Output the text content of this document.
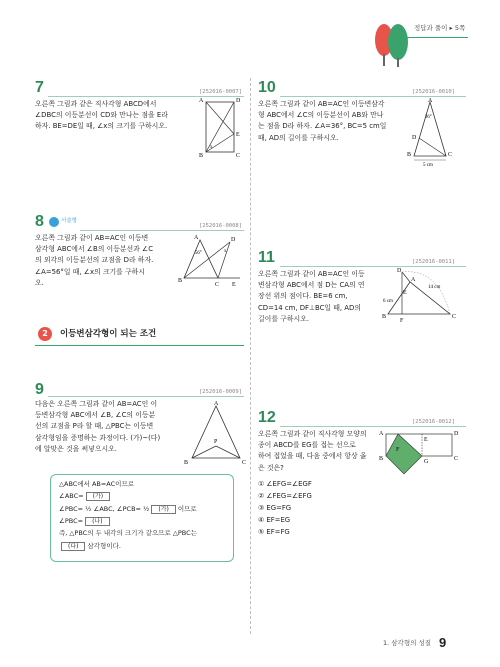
정답과 풀이 ▸ 5쪽
7	[252016-0007]
오른쪽 그림과 같은 직사각형 ABCD에서
∠DBC의 이등분선이 CD와 만나는 점을 E라
하자. BE=DE일 때, ∠x의 크기를 구하시오.
A	D
B	C
E
x
8	서술형
[252016-0008]
오른쪽 그림과 같이 AB=AC인 이등변
삼각형 ABC에서 ∠B의 이등분선과 ∠C
의 외각의 이등분선의 교점을 D라 하자.
∠A=56°일 때, ∠x의 크기를 구하시
오.
A	D
B
C E
56°	x
2	이등변삼각형이 되는 조건
9	[252016-0009]
다음은 오른쪽 그림과 같이 AB=AC인 이
등변삼각형 ABC에서 ∠B, ∠C의 이등분
선의 교점을 P라 할 때, △PBC는 이등변
삼각형임을 증명하는 과정이다. (가)~(다)
에 알맞은 것을 써넣으시오.
A
B	C
P
△ABC에서 AB=AC이므로
∠ABC= (가)
∠PBC= ½ ∠ABC, ∠PCB= ½ (가) 이므로
∠PBC= (나)
즉, △PBC의 두 내각의 크기가 같으므로 △PBC는
(다) 삼각형이다.
10	[252016-0010]
오른쪽 그림과 같이 AB=AC인 이등변삼각
형 ABC에서 ∠C의 이등분선이 AB와 만나
는 점을 D라 하자. ∠A=36°, BC=5 cm일
때, AD의 길이를 구하시오.
A
B	C
D
36°
5 cm
11	[252016-0011]
오른쪽 그림과 같이 AB=AC인 이등
변삼각형 ABC에서 점 D는 CA의 연
장선 위의 점이다. BE=6 cm,
CD=14 cm, DF⊥BC일 때, AD의
길이를 구하시오.
D
A
E
B	C
F
14 cm
6 cm
12	[252016-0012]
오른쪽 그림과 같이 직사각형 모양의
종이 ABCD를 EG를 접는 선으로
하여 접었을 때, 다음 중에서 항상 옳
은 것은?
A	D
B	C
E
G
F
① ∠EFG=∠EGF
② ∠FEG=∠EFG
③ EG=FG
④ EF=EG
⑤ EF=FG
1. 삼각형의 성질 9
